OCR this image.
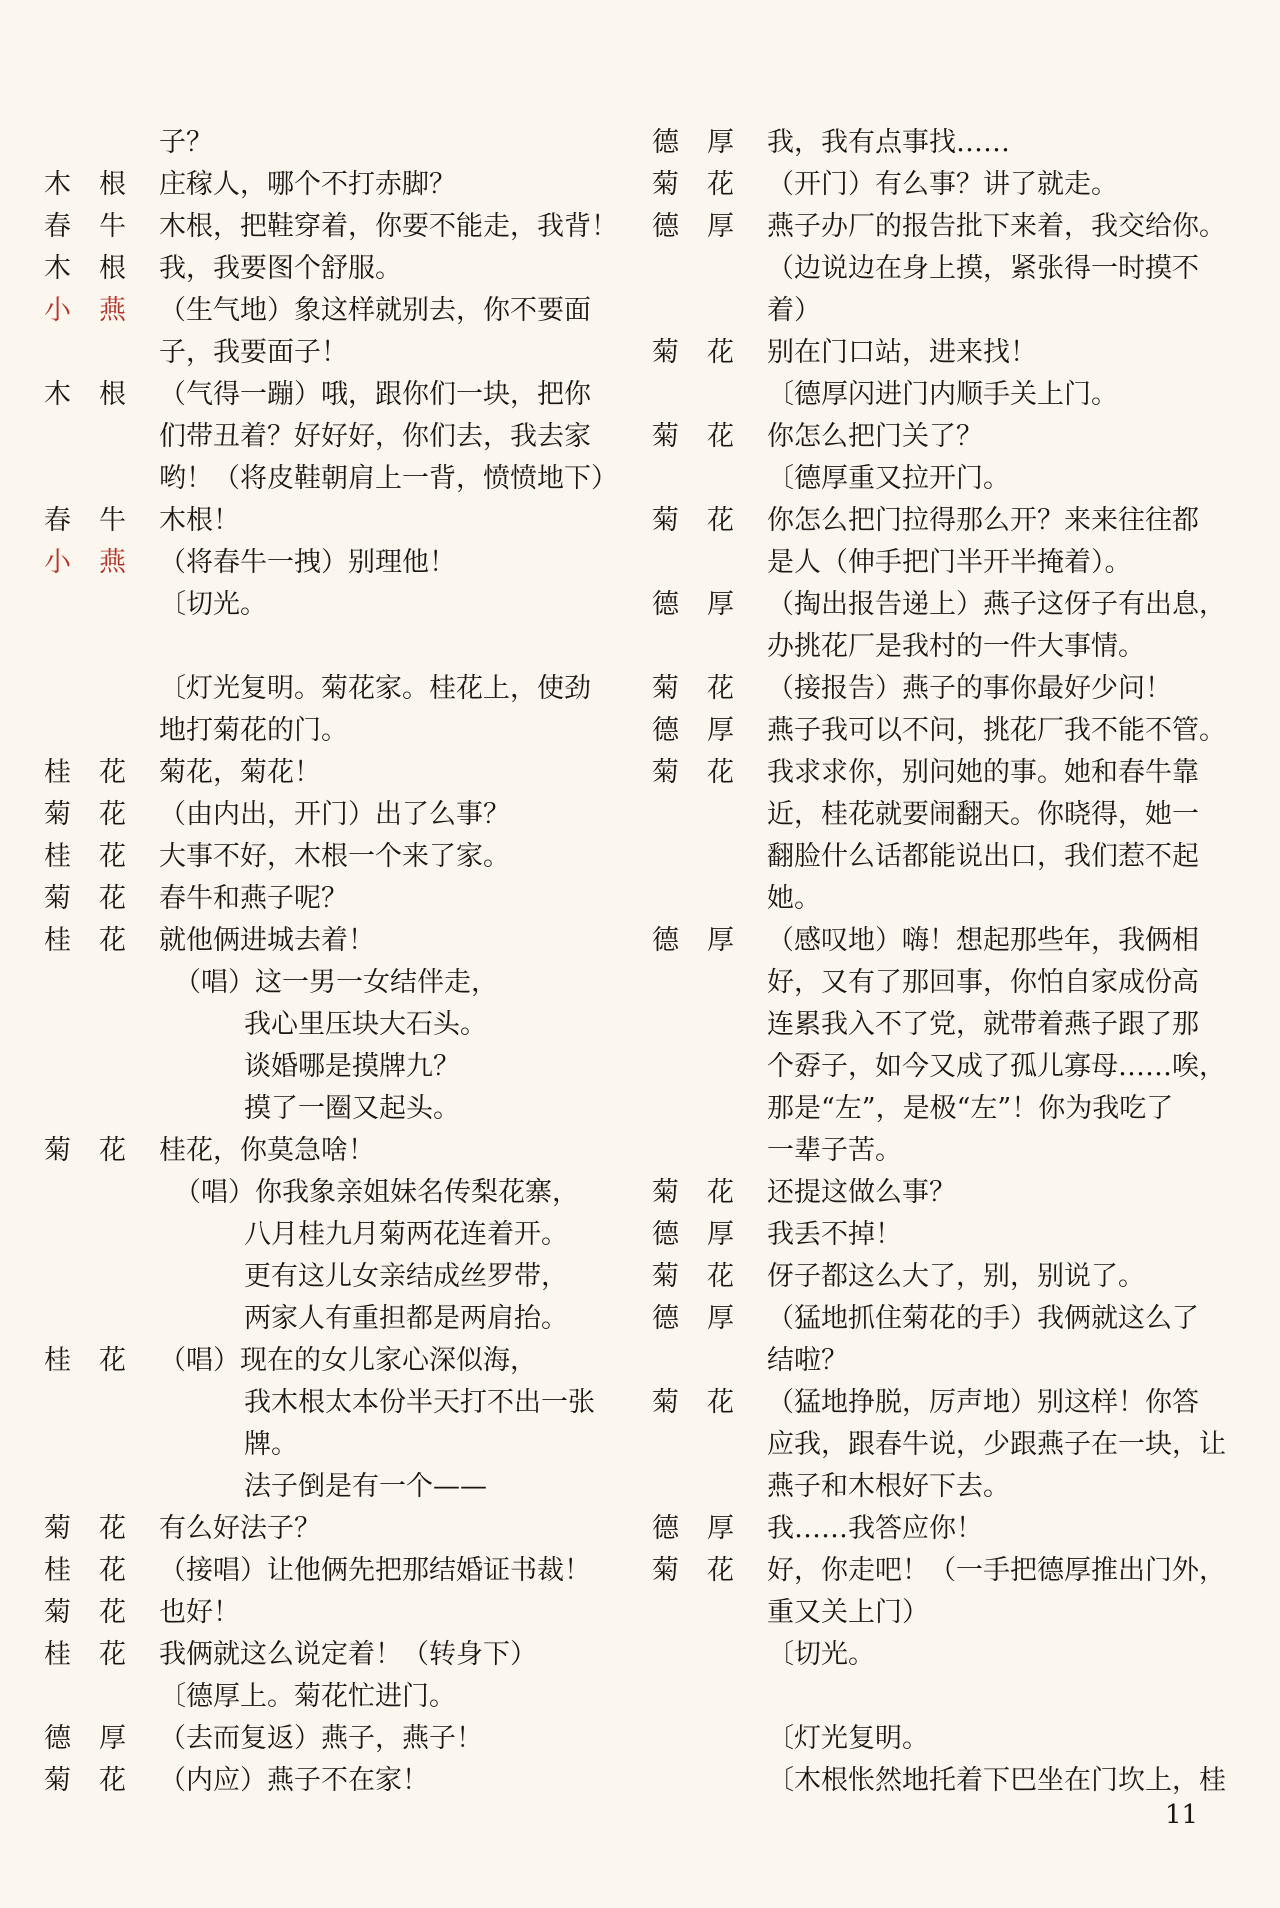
子？
木根 庄稼人，哪个不打赤脚？
春牛 木根，把鞋穿着，你要不能走，我背！
木根 我，我要图个舒服。
小燕 （生气地）象这样就别去，你不要面
子，我要面子！
木根 （气得一蹦）哦，跟你们一块，把你
们带丑着？好好好，你们去，我去家
哟！（将皮鞋朝肩上一背，愤愤地下）
春牛 木根！
小燕 （将春牛一拽）别理他！
〔切光。
〔灯光复明。菊花家。桂花上，使劲
地打菊花的门。
桂花 菊花，菊花！
菊花 （由内出，开门）出了么事？
桂花 大事不好，木根一个来了家。
菊花 春牛和燕子呢？
桂花 就他俩进城去着！
（唱）这一男一女结伴走，
我心里压块大石头。
谈婚哪是摸牌九？
摸了一圈又起头。
菊花 桂花，你莫急啥！
（唱）你我象亲姐妹名传梨花寨，
八月桂九月菊两花连着开。
更有这儿女亲结成丝罗带，
两家人有重担都是两肩抬。
桂花 （唱）现在的女儿家心深似海，
我木根太本份半天打不出一张
牌。
法子倒是有一个——
菊花 有么好法子？
桂花 （接唱）让他俩先把那结婚证书裁！
菊花 也好！
桂花 我俩就这么说定着！（转身下）
〔德厚上。菊花忙进门。
德厚 （去而复返）燕子，燕子！
菊花 （内应）燕子不在家！
德厚 我，我有点事找……
菊花 （开门）有么事？讲了就走。
德厚 燕子办厂的报告批下来着，我交给你。
（边说边在身上摸，紧张得一时摸不
着）
菊花 别在门口站，进来找！
〔德厚闪进门内顺手关上门。
菊花 你怎么把门关了？
〔德厚重又拉开门。
菊花 你怎么把门拉得那么开？来来往往都
是人（伸手把门半开半掩着）。
德厚 （掏出报告递上）燕子这伢子有出息，
办挑花厂是我村的一件大事情。
菊花 （接报告）燕子的事你最好少问！
德厚 燕子我可以不问，挑花厂我不能不管。
菊花 我求求你，别问她的事。她和春牛靠
近，桂花就要闹翻天。你晓得，她一
翻脸什么话都能说出口，我们惹不起
她。
德厚 （感叹地）嗨！想起那些年，我俩相
好，又有了那回事，你怕自家成份高
连累我入不了党，就带着燕子跟了那
个孬子，如今又成了孤儿寡母……唉，
那是“左”，是极“左”！你为我吃了
一辈子苦。
菊花 还提这做么事？
德厚 我丢不掉！
菊花 伢子都这么大了，别，别说了。
德厚 （猛地抓住菊花的手）我俩就这么了
结啦？
菊花 （猛地挣脱，厉声地）别这样！你答
应我，跟春牛说，少跟燕子在一块，让
燕子和木根好下去。
德厚 我……我答应你！
菊花 好，你走吧！（一手把德厚推出门外，
重又关上门）
〔切光。
〔灯光复明。
〔木根怅然地托着下巴坐在门坎上，桂
11
